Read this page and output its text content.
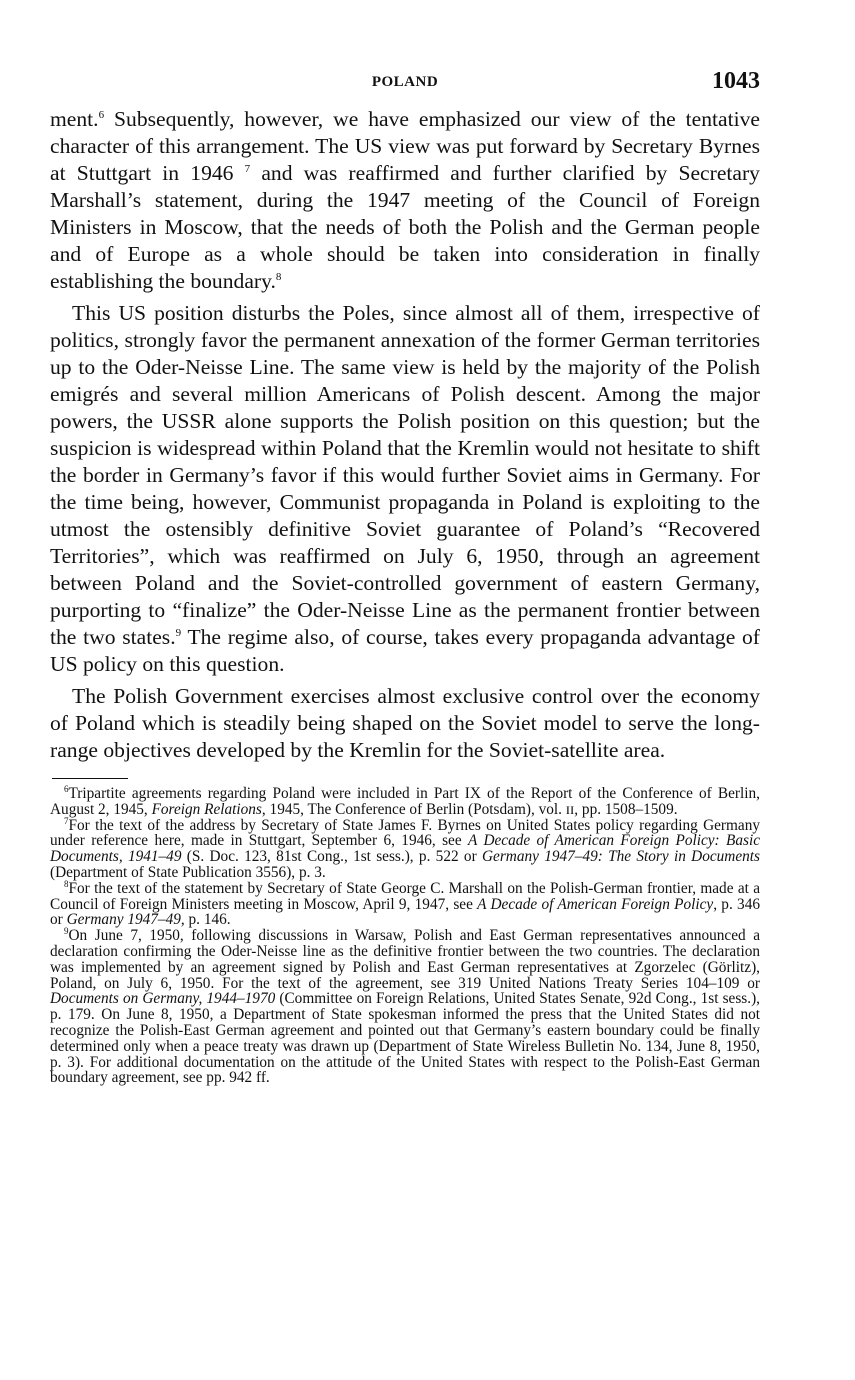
POLAND	1043

ment.$^6$ Subsequently, however, we have emphasized our view of the tentative character of this arrangement. The US view was put forward by Secretary Byrnes at Stuttgart in 1946 $^7$ and was reaffirmed and further clarified by Secretary Marshall’s statement, during the 1947 meeting of the Council of Foreign Ministers in Moscow, that the needs of both the Polish and the German people and of Europe as a whole should be taken into consideration in finally establishing the boundary.$^8$

This US position disturbs the Poles, since almost all of them, irrespective of politics, strongly favor the permanent annexation of the former German territories up to the Oder-Neisse Line. The same view is held by the majority of the Polish emigrés and several million Americans of Polish descent. Among the major powers, the USSR alone supports the Polish position on this question; but the suspicion is widespread within Poland that the Kremlin would not hesitate to shift the border in Germany’s favor if this would further Soviet aims in Germany. For the time being, however, Communist propaganda in Poland is exploiting to the utmost the ostensibly definitive Soviet guarantee of Poland’s “Recovered Territories”, which was reaffirmed on July 6, 1950, through an agreement between Poland and the Soviet-controlled government of eastern Germany, purporting to “finalize” the Oder-Neisse Line as the permanent frontier between the two states.$^9$ The regime also, of course, takes every propaganda advantage of US policy on this question.

The Polish Government exercises almost exclusive control over the economy of Poland which is steadily being shaped on the Soviet model to serve the long-range objectives developed by the Kremlin for the Soviet-satellite area.

$^6$Tripartite agreements regarding Poland were included in Part IX of the Report of the Conference of Berlin, August 2, 1945, Foreign Relations, 1945, The Conference of Berlin (Potsdam), vol. ɪɪ, pp. 1508–1509.

$^7$For the text of the address by Secretary of State James F. Byrnes on United States policy regarding Germany under reference here, made in Stuttgart, September 6, 1946, see A Decade of American Foreign Policy: Basic Documents, 1941–49 (S. Doc. 123, 81st Cong., 1st sess.), p. 522 or Germany 1947–49: The Story in Documents (Department of State Publication 3556), p. 3.

$^8$For the text of the statement by Secretary of State George C. Marshall on the Polish-German frontier, made at a Council of Foreign Ministers meeting in Moscow, April 9, 1947, see A Decade of American Foreign Policy, p. 346 or Germany 1947–49, p. 146.

$^9$On June 7, 1950, following discussions in Warsaw, Polish and East German representatives announced a declaration confirming the Oder-Neisse line as the definitive frontier between the two countries. The declaration was implemented by an agreement signed by Polish and East German representatives at Zgorzelec (Görlitz), Poland, on July 6, 1950. For the text of the agreement, see 319 United Nations Treaty Series 104–109 or Documents on Germany, 1944–1970 (Committee on Foreign Relations, United States Senate, 92d Cong., 1st sess.), p. 179. On June 8, 1950, a Department of State spokesman informed the press that the United States did not recognize the Polish-East German agreement and pointed out that Germany’s eastern boundary could be finally determined only when a peace treaty was drawn up (Department of State Wireless Bulletin No. 134, June 8, 1950, p. 3). For additional documentation on the attitude of the United States with respect to the Polish-East German boundary agreement, see pp. 942 ff.
